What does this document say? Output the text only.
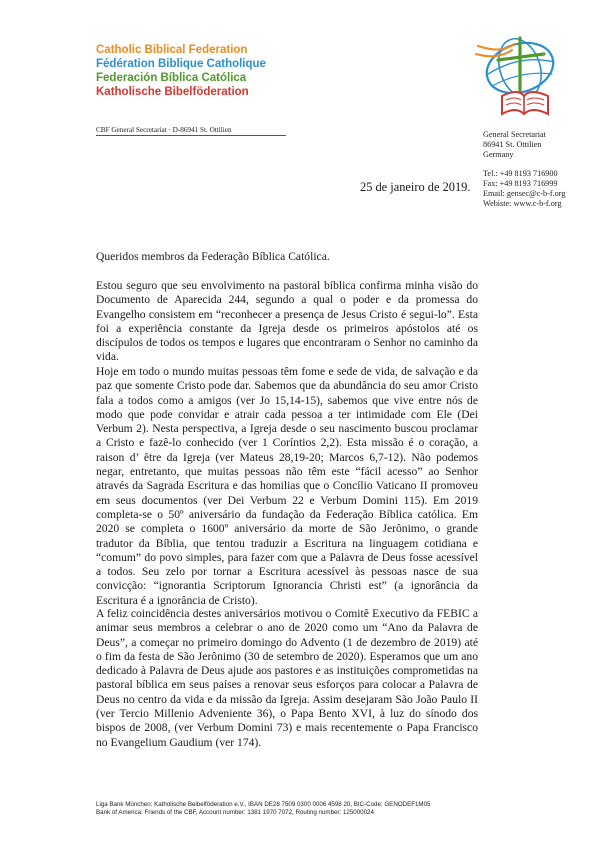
Catholic Biblical Federation
Fédération Biblique Catholique
Federación Bíblica Católica
Katholische Bibelföderation
CBF General Secretariat · D-86941 St. Ottilien	General Secretariat
86941 St. Ottilien
Germany
Tel.: +49 8193 716900
Fax: +49 8193 716999
Email: gensec@c-b-f.org
Webiste: www.c-b-f.org
25 de janeiro de 2019.
Queridos membros da Federação Bíblica Católica.
Estou seguro que seu envolvimento na pastoral bíblica confirma minha visão do Documento de Aparecida 244, segundo a qual o poder e da promessa do Evangelho consistem em “reconhecer a presença de Jesus Cristo é segui-lo”. Esta foi a experiência constante da Igreja desde os primeiros apóstolos até os discípulos de todos os tempos e lugares que encontraram o Senhor no caminho da vida.
Hoje em todo o mundo muitas pessoas têm fome e sede de vida, de salvação e da paz que somente Cristo pode dar. Sabemos que da abundância do seu amor Cristo fala a todos como a amigos (ver Jo 15,14-15), sabemos que vive entre nós de modo que pode convidar e atrair cada pessoa a ter intimidade com Ele (Dei Verbum 2). Nesta perspectiva, a Igreja desde o seu nascimento buscou proclamar a Cristo e fazê-lo conhecido (ver 1 Coríntios 2,2). Esta missão é o coração, a raison d’ être da Igreja (ver Mateus 28,19-20; Marcos 6,7-12). Não podemos negar, entretanto, que muitas pessoas não têm este “fácil acesso” ao Senhor através da Sagrada Escritura e das homilias que o Concílio Vaticano II promoveu em seus documentos (ver Dei Verbum 22 e Verbum Domini 115). Em 2019 completa-se o 50º aniversário da fundação da Federação Bíblica católica. Em 2020 se completa o 1600º aniversário da morte de São Jerônimo, o grande tradutor da Bíblia, que tentou traduzir a Escritura na linguagem cotidiana e “comum” do povo simples, para fazer com que a Palavra de Deus fosse acessível a todos. Seu zelo por tornar a Escritura acessível às pessoas nasce de sua convicção: “ignorantia Scriptorum Ignorancia Christi est” (a ignorância da Escritura é a ignorância de Cristo).
A feliz coincidência destes aniversários motivou o Comitê Executivo da FEBIC a animar seus membros a celebrar o ano de 2020 como um “Ano da Palavra de Deus”, a começar no primeiro domingo do Advento (1 de dezembro de 2019) até o fim da festa de São Jerônimo (30 de setembro de 2020). Esperamos que um ano dedicado à Palavra de Deus ajude aos pastores e as instituições comprometidas na pastoral bíblica em seus países a renovar seus esforços para colocar a Palavra de Deus no centro da vida e da missão da Igreja. Assim desejaram São João Paulo II (ver Tercio Millenio Adveniente 36), o Papa Bento XVI, à luz do sínodo dos bispos de 2008, (ver Verbum Domini 73) e mais recentemente o Papa Francisco no Evangelium Gaudium (ver 174).
Liga Bank München: Katholische Beibelföderation e.V., IBAN DE28 7509 0300 0006 4598 20, BIC-Code: GENODEF1M05
Bank of America: Friends of the CBF, Account number: 1381 1970 7072, Routing number: 125000024
